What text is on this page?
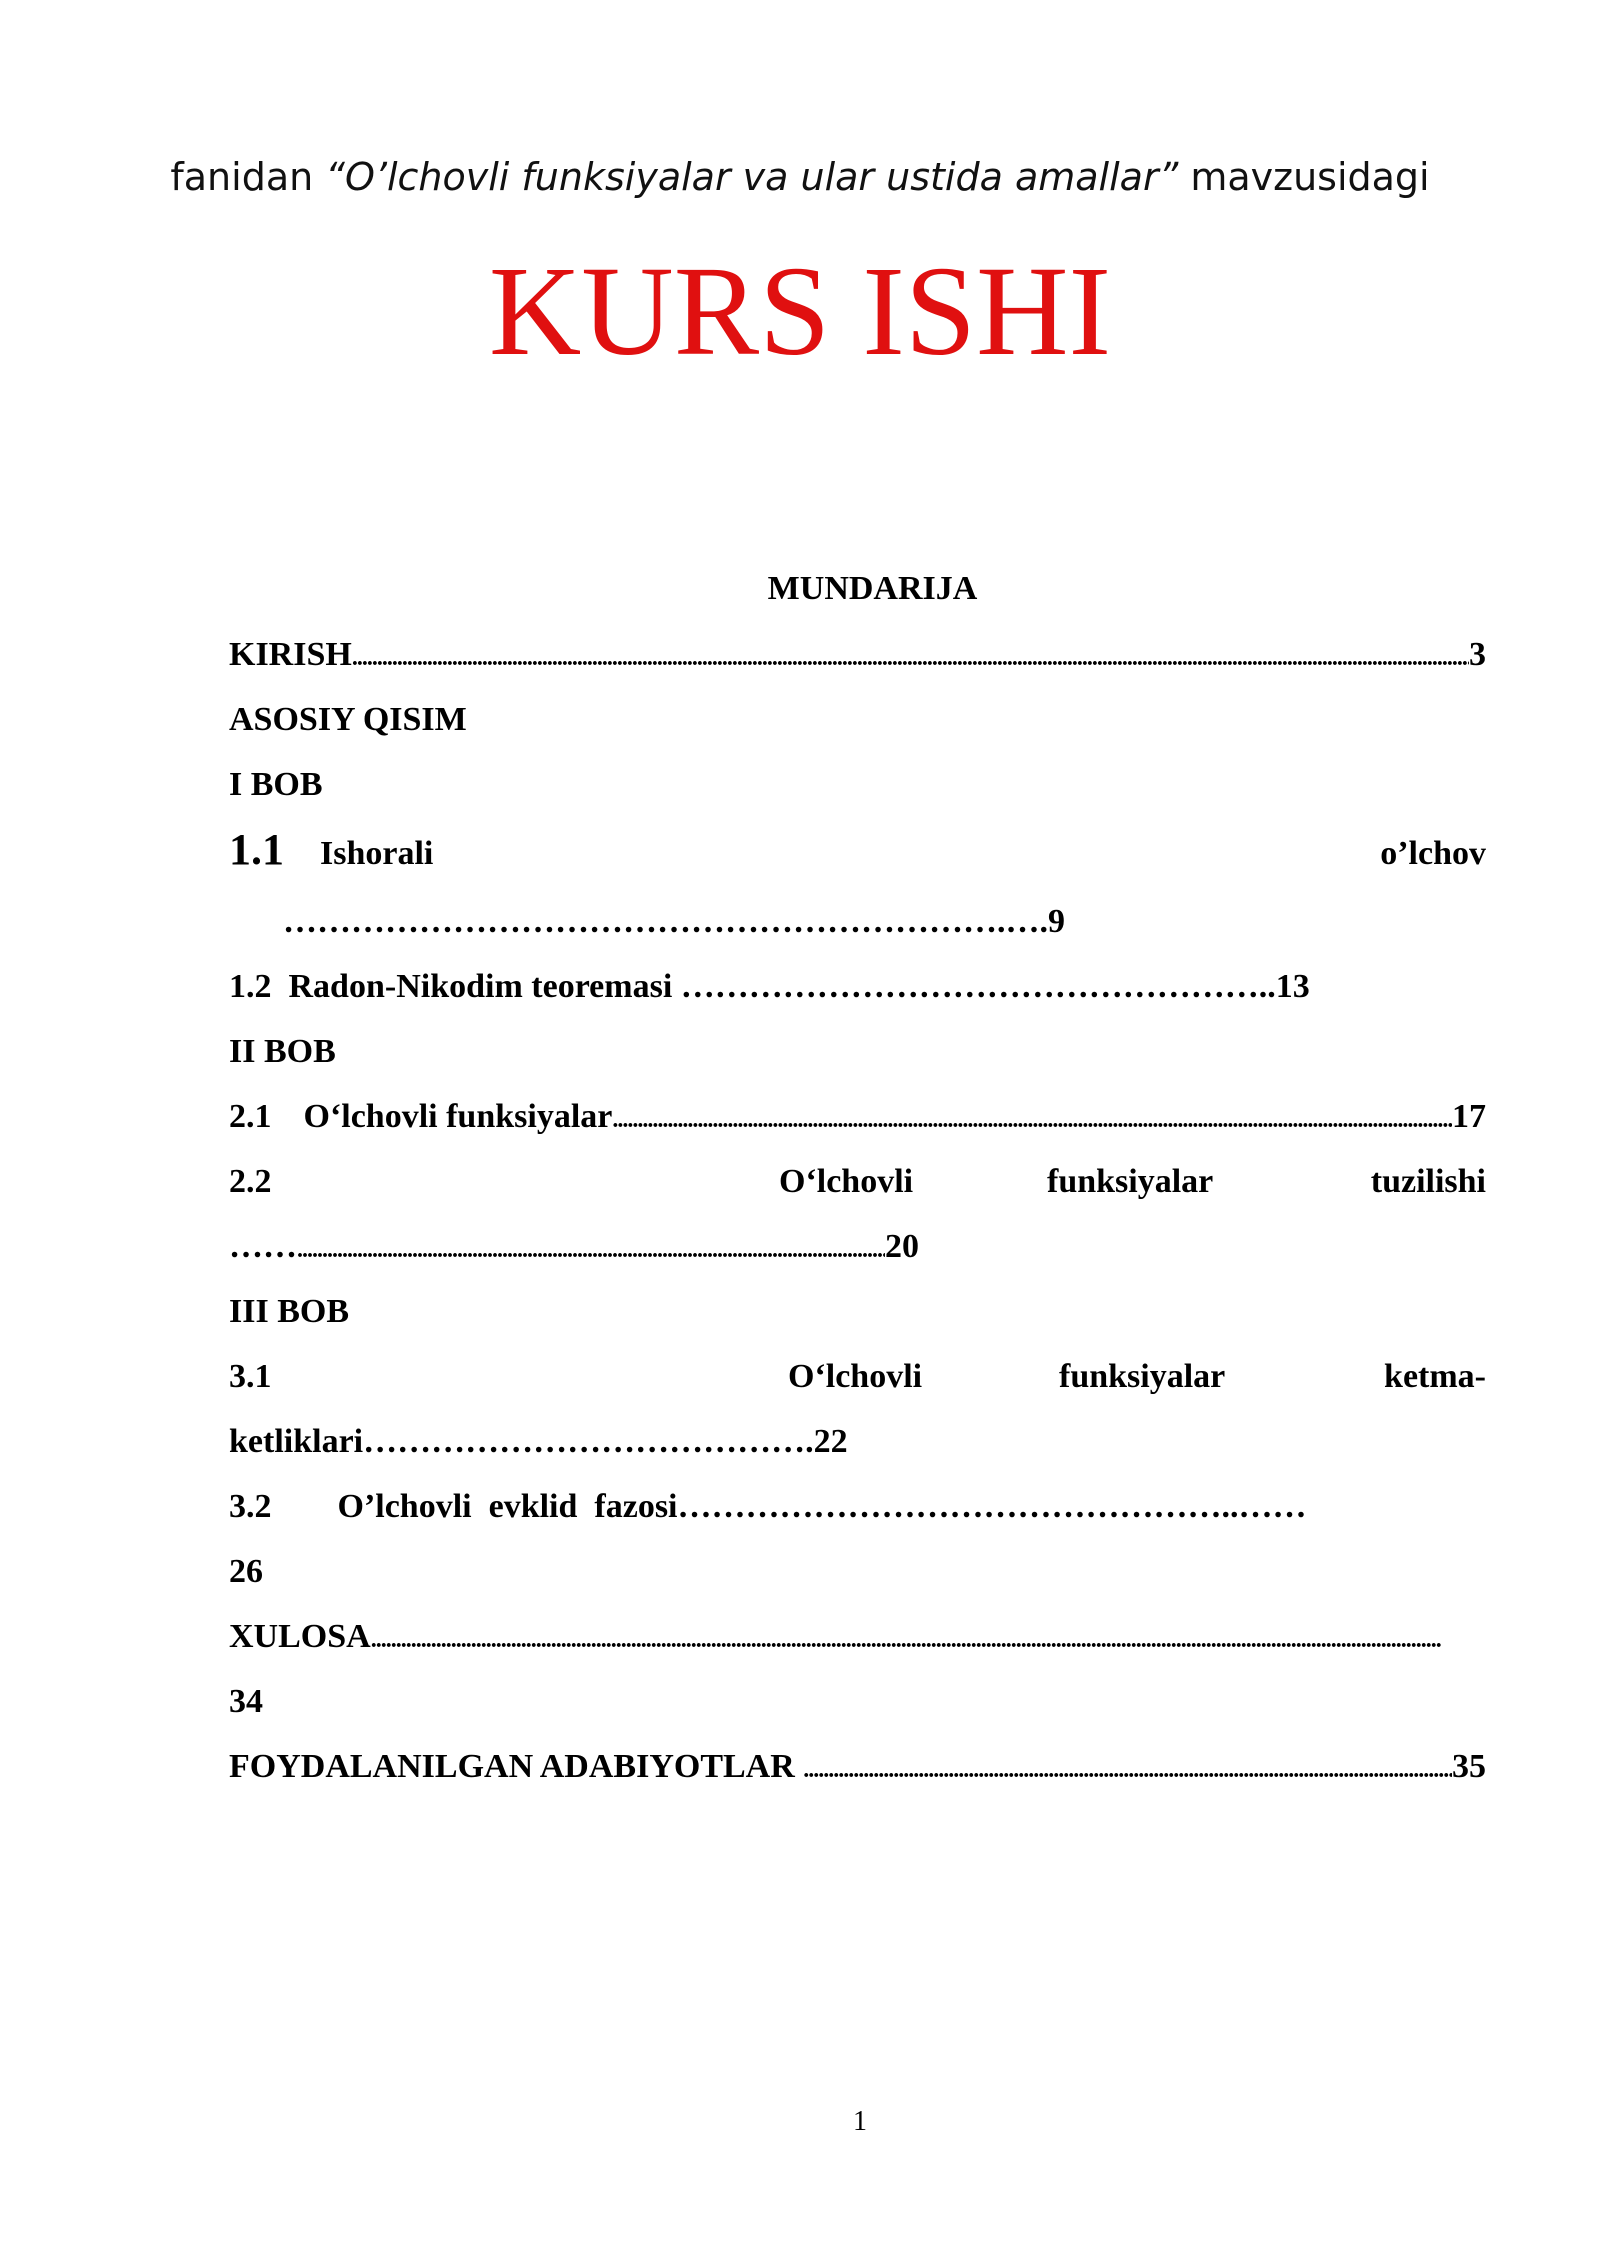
fanidan “O’lchovli funksiyalar va ular ustida amallar” mavzusidagi
KURS ISHI
MUNDARIJA
KIRISH .....	3
ASOSIY QISIM
I BOB
1.1 Ishorali	o’lchov
……………………………………………………….….9
1.2 Radon-Nikodim teoremasi ……………………………………………..13
II BOB
2.1 O‘lchovli funksiyalar .....	17
2.2	O‘lchovli	funksiyalar	tuzilishi
…… .....	20
III BOB
3.1	O‘lchovli	funksiyalar	ketma-
ketliklari………………………………….22
3.2 O’lchovli  evklid  fazosi…………………………………………..……
26
XULOSA
.....
34
FOYDALANILGAN ADABIYOTLAR .....	35
1
